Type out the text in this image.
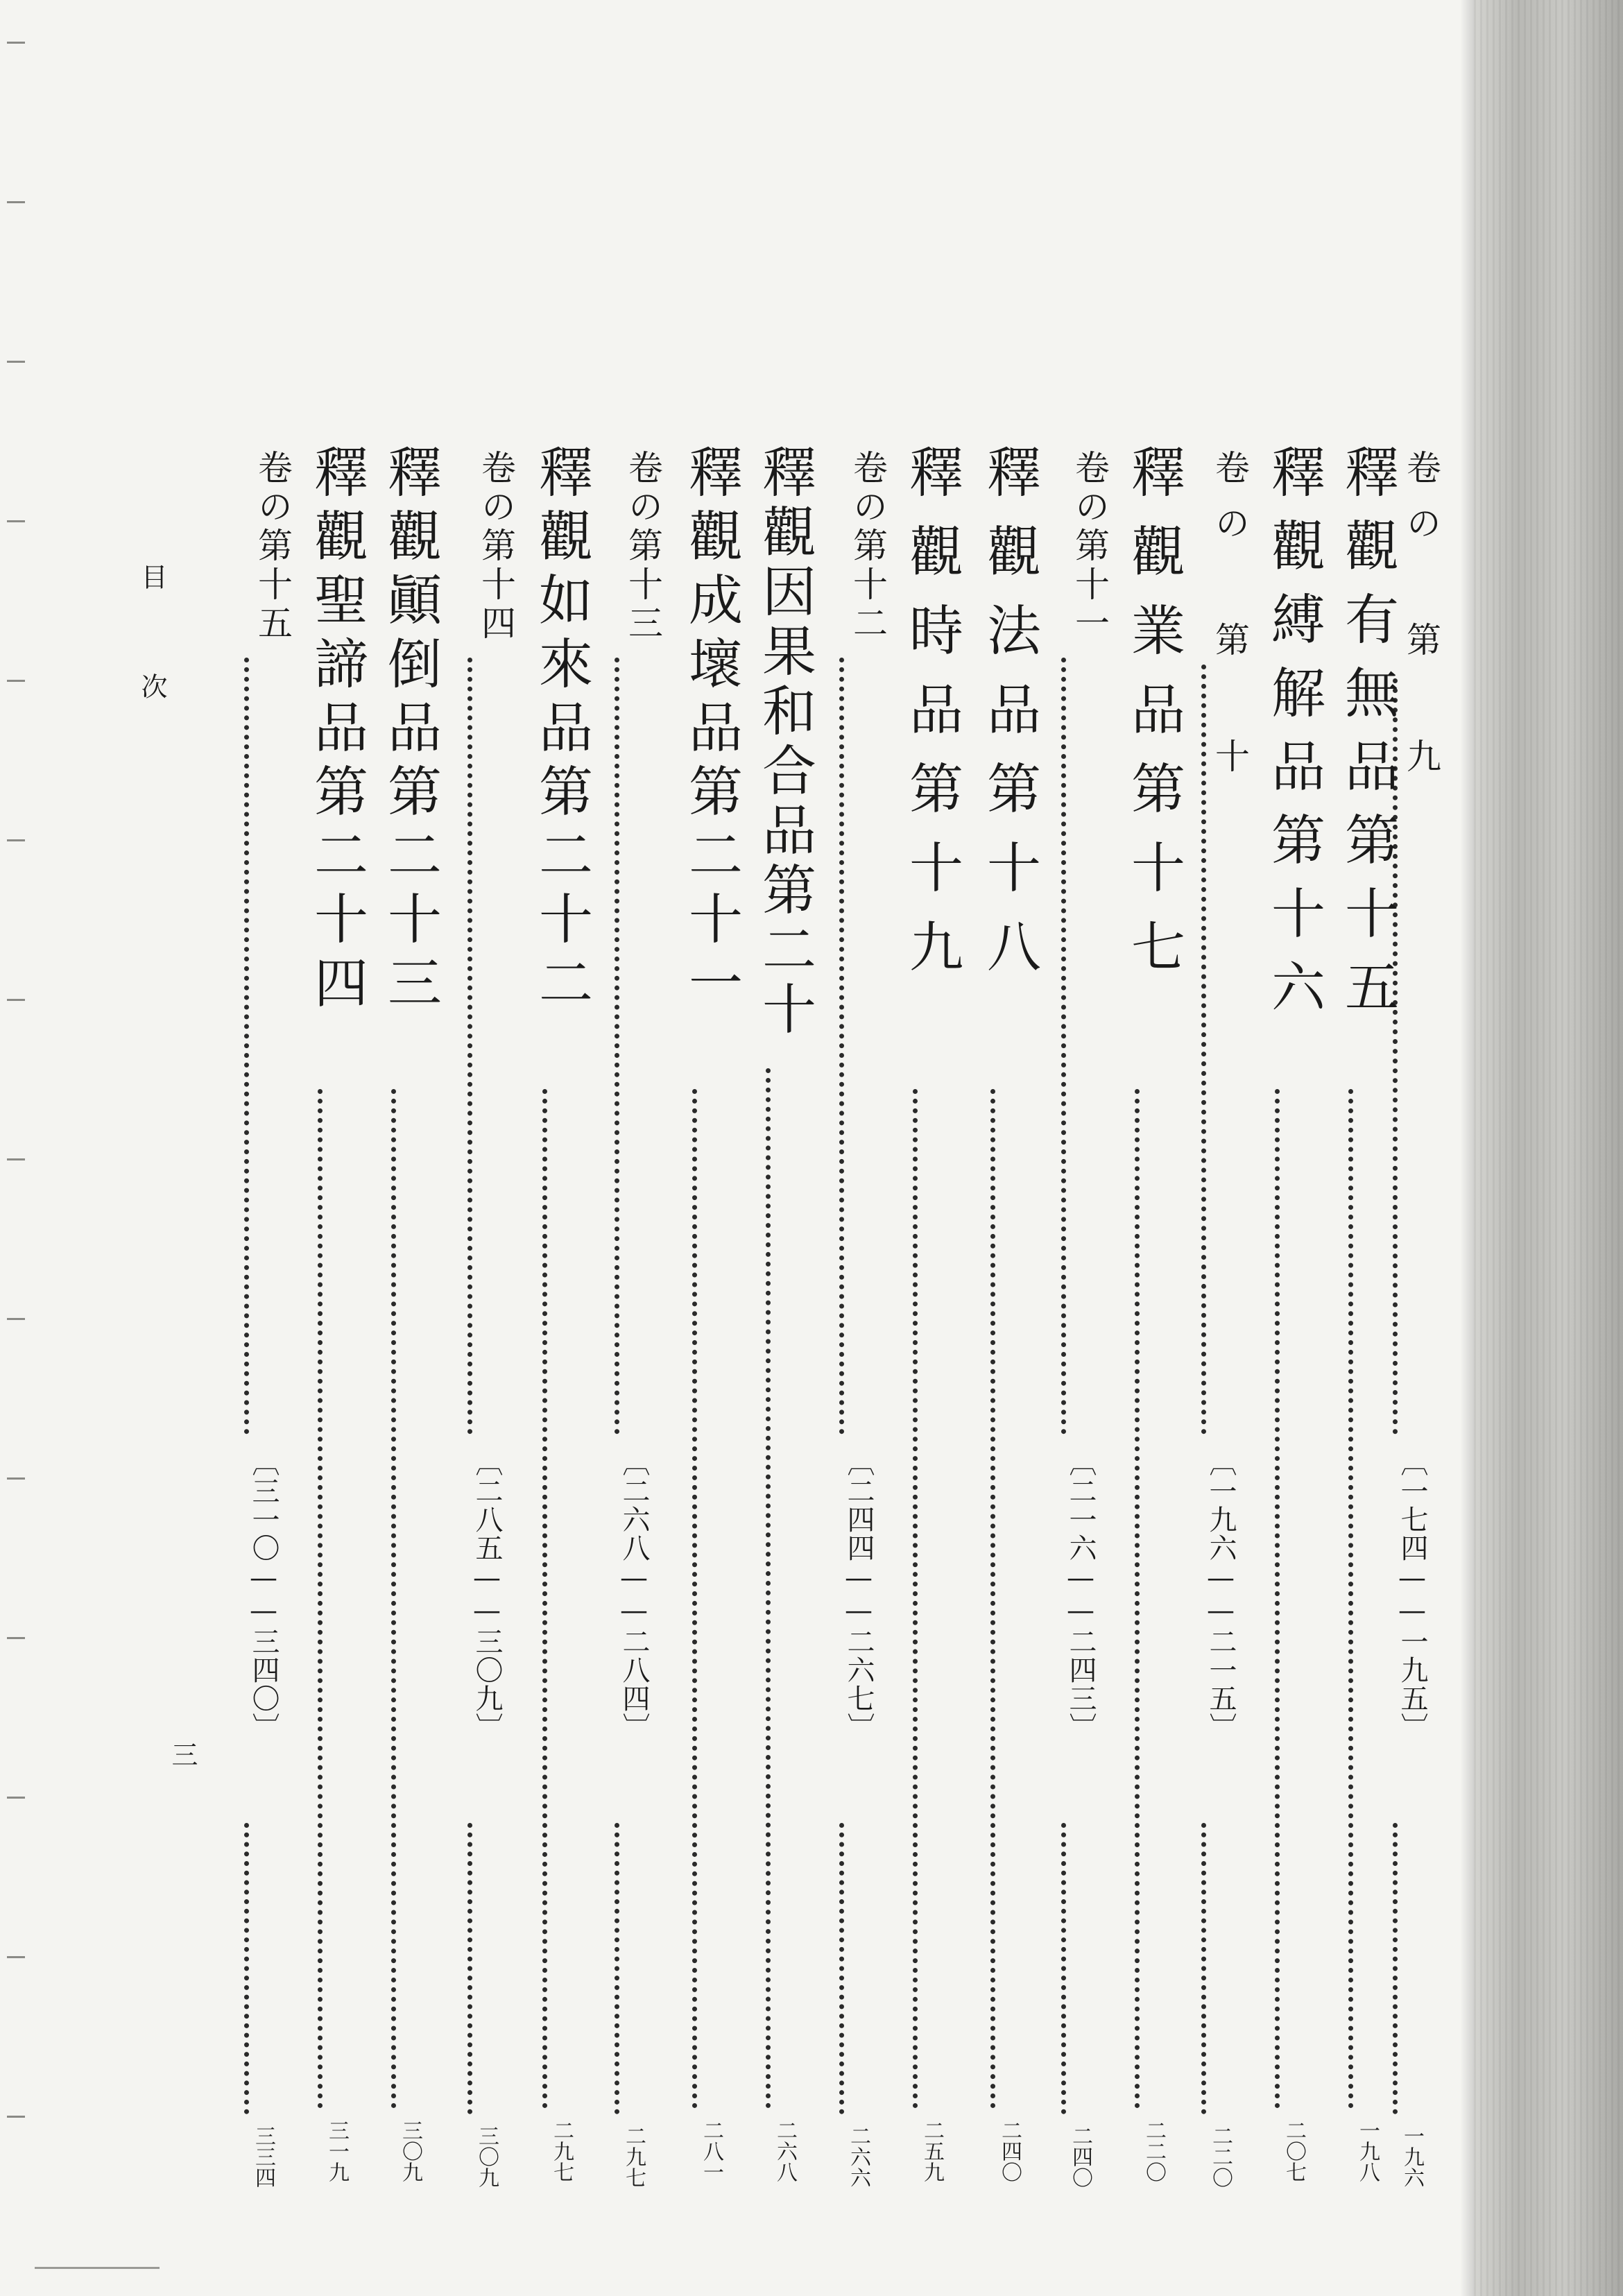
卷の 第 九
〔一七四——一九五〕
一九六
釋觀有無品第十五
一九八
釋觀縛解品第十六
二〇七
卷の 第 十
〔一九六——二一五〕
二二〇
釋觀業品第十七
二二〇
卷の第十一
〔二一六——二四三〕
二四〇
釋觀法品第十八
二四〇
釋觀時品第十九
二五九
卷の第十二
〔二四四——二六七〕
二六六
釋觀因果和合品第二十
二六八
釋觀成壞品第二十一
二八一
卷の第十三
〔二六八——二八四〕
二九七
釋觀如來品第二十二
二九七
卷の第十四
〔二八五——三〇九〕
三〇九
釋觀顚倒品第二十三
三〇九
釋觀聖諦品第二十四
三一九
卷の第十五
〔三一〇——三四〇〕
三三四
目次
三
